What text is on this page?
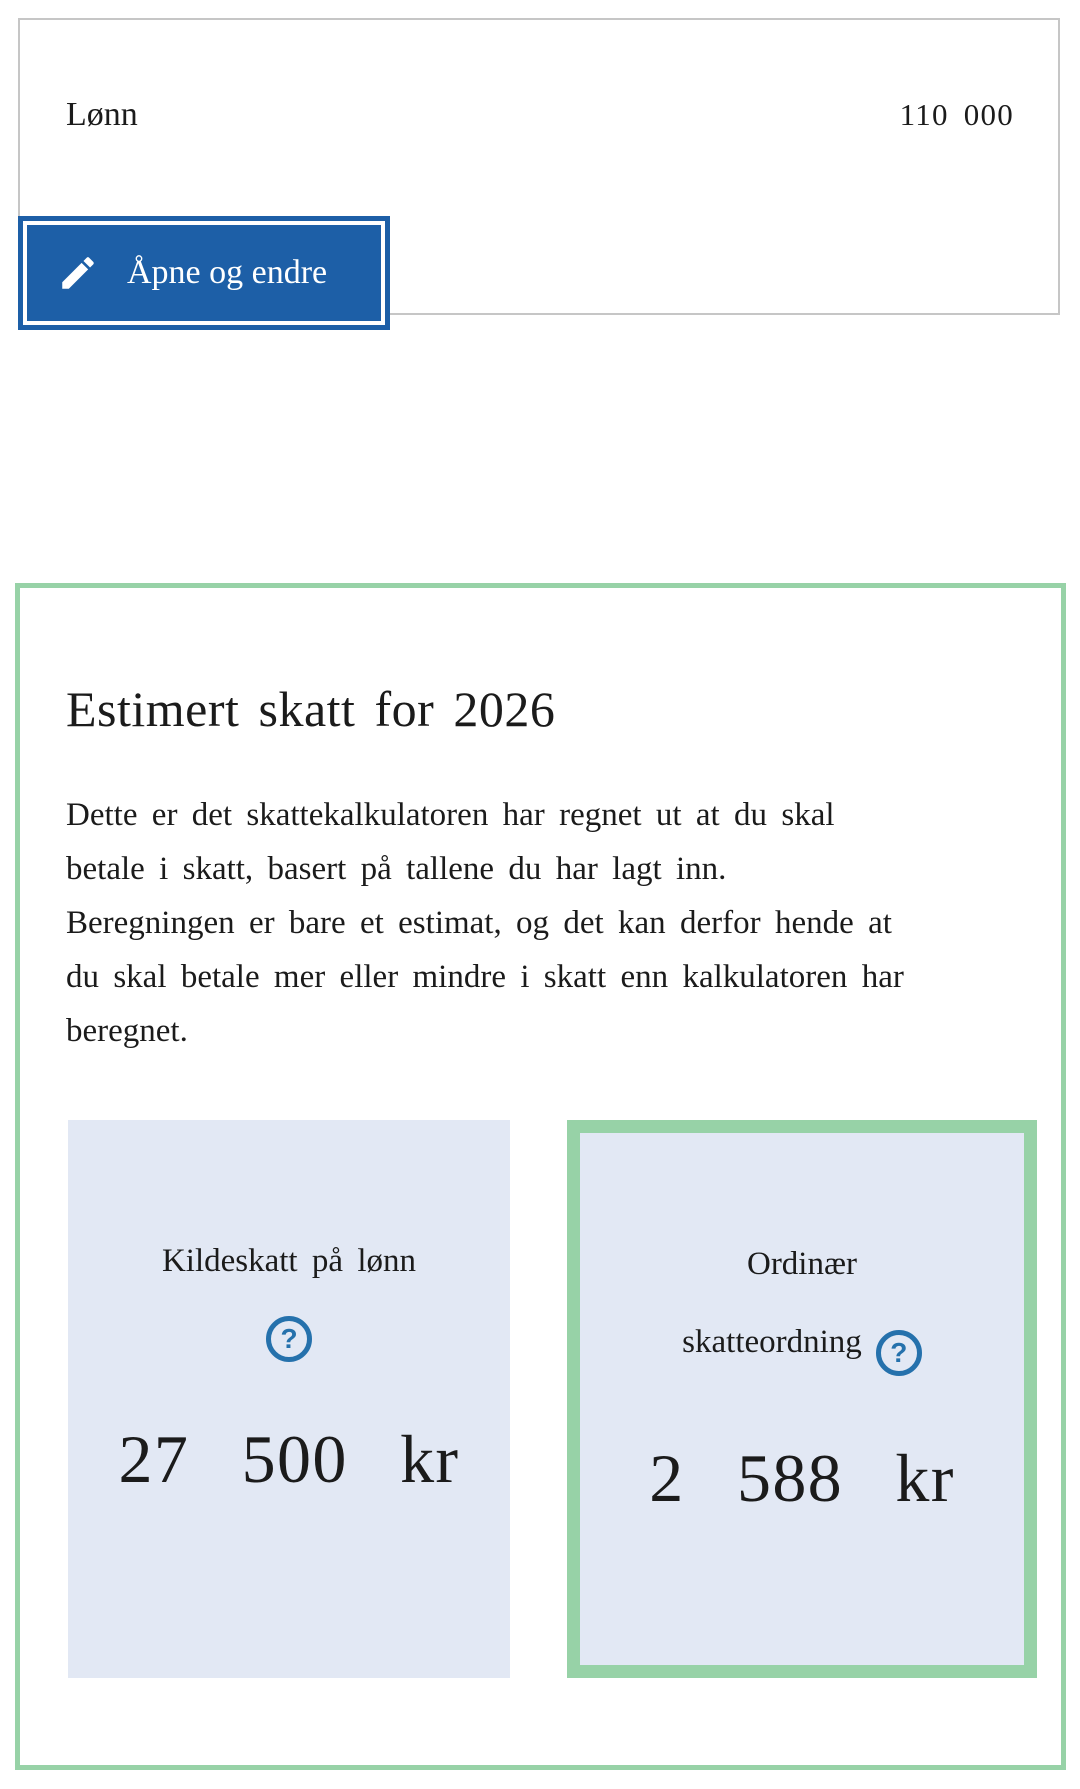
Lønn	110 000
Åpne og endre
Estimert skatt for 2026

Dette er det skattekalkulatoren har regnet ut at du skal betale i skatt, basert på tallene du har lagt inn. Beregningen er bare et estimat, og det kan derfor hende at du skal betale mer eller mindre i skatt enn kalkulatoren har beregnet.

Kildeskatt på lønn
?
27 500 kr
Ordinær
skatteordning ?
2 588 kr
